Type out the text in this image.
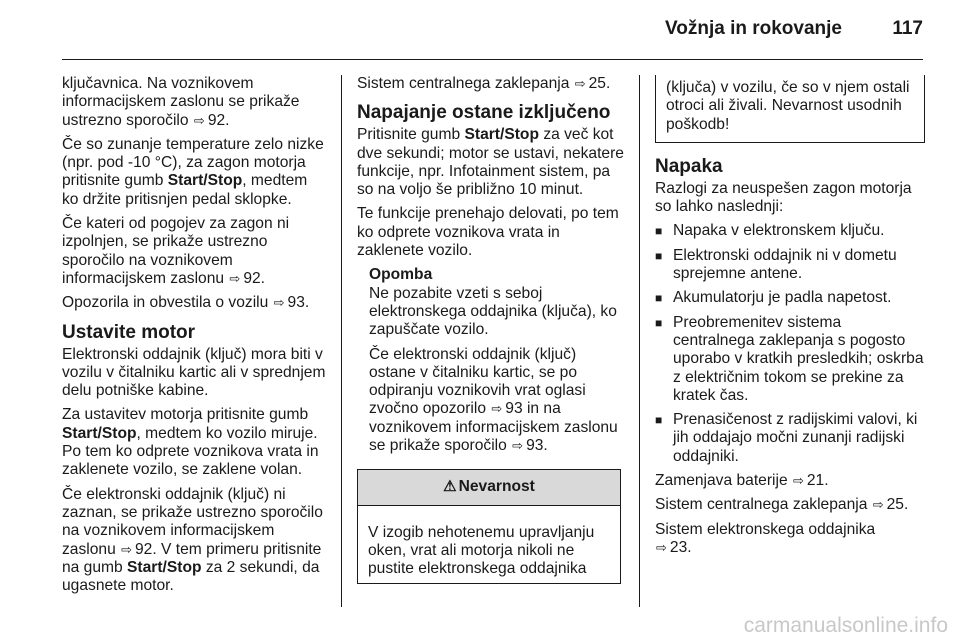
Vožnja in rokovanje	117

ključavnica. Na voznikovem informacijskem zaslonu se prikaže ustrezno sporočilo ⇨ 92.

Če so zunanje temperature zelo nizke (npr. pod -10 °C), za zagon motorja pritisnite gumb Start/Stop, medtem ko držite pritisnjen pedal sklopke.

Če kateri od pogojev za zagon ni izpolnjen, se prikaže ustrezno sporočilo na voznikovem informacijskem zaslonu ⇨ 92.

Opozorila in obvestila o vozilu ⇨ 93.

Ustavite motor

Elektronski oddajnik (ključ) mora biti v vozilu v čitalniku kartic ali v sprednjem delu potniške kabine.

Za ustavitev motorja pritisnite gumb Start/Stop, medtem ko vozilo miruje. Po tem ko odprete voznikova vrata in zaklenete vozilo, se zaklene volan.

Če elektronski oddajnik (ključ) ni zaznan, se prikaže ustrezno sporočilo na voznikovem informacijskem zaslonu ⇨ 92. V tem primeru pritisnite na gumb Start/Stop za 2 sekundi, da ugasnete motor.

Sistem centralnega zaklepanja ⇨ 25.

Napajanje ostane izključeno

Pritisnite gumb Start/Stop za več kot dve sekundi; motor se ustavi, nekatere funkcije, npr. Infotainment sistem, pa so na voljo še približno 10 minut.

Te funkcije prenehajo delovati, po tem ko odprete voznikova vrata in zaklenete vozilo.

Opomba

Ne pozabite vzeti s seboj elektronskega oddajnika (ključa), ko zapuščate vozilo.

Če elektronski oddajnik (ključ) ostane v čitalniku kartic, se po odpiranju voznikovih vrat oglasi zvočno opozorilo ⇨ 93 in na voznikovem informacijskem zaslonu se prikaže sporočilo ⇨ 93.

⚠ Nevarnost
V izogib nehotenemu upravljanju oken, vrat ali motorja nikoli ne pustite elektronskega oddajnika
(ključa) v vozilu, če so v njem ostali otroci ali živali. Nevarnost usodnih poškodb!
Napaka

Razlogi za neuspešen zagon motorja so lahko naslednji:

■ Napaka v elektronskem ključu.
■ Elektronski oddajnik ni v dometu sprejemne antene.
■ Akumulatorju je padla napetost.
■ Preobremenitev sistema centralnega zaklepanja s pogosto uporabo v kratkih presledkih; oskrba z električnim tokom se prekine za kratek čas.
■ Prenasičenost z radijskimi valovi, ki jih oddajajo močni zunanji radijski oddajniki.

Zamenjava baterije ⇨ 21.

Sistem centralnega zaklepanja ⇨ 25.

Sistem elektronskega oddajnika
⇨ 23.

carmanualsonline.info
